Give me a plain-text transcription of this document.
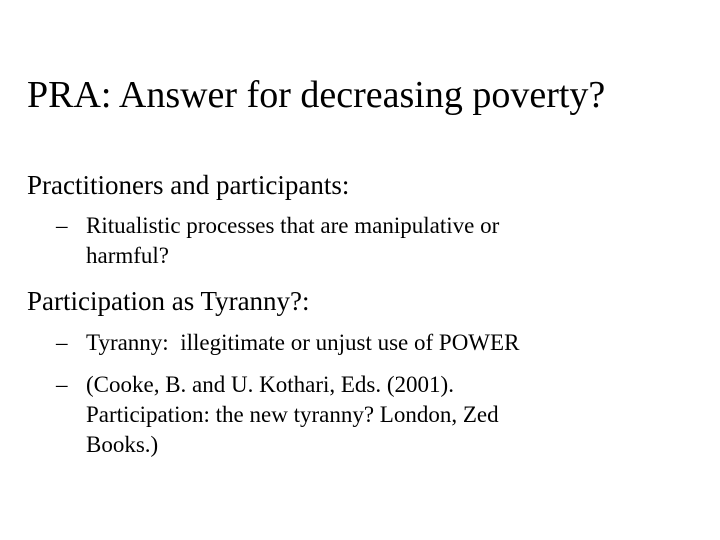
PRA: Answer for decreasing poverty?
Practitioners and participants:
– Ritualistic processes that are manipulative or harmful?
Participation as Tyranny?:
– Tyranny:  illegitimate or unjust use of POWER
– (Cooke, B. and U. Kothari, Eds. (2001). Participation: the new tyranny? London, Zed Books.)
